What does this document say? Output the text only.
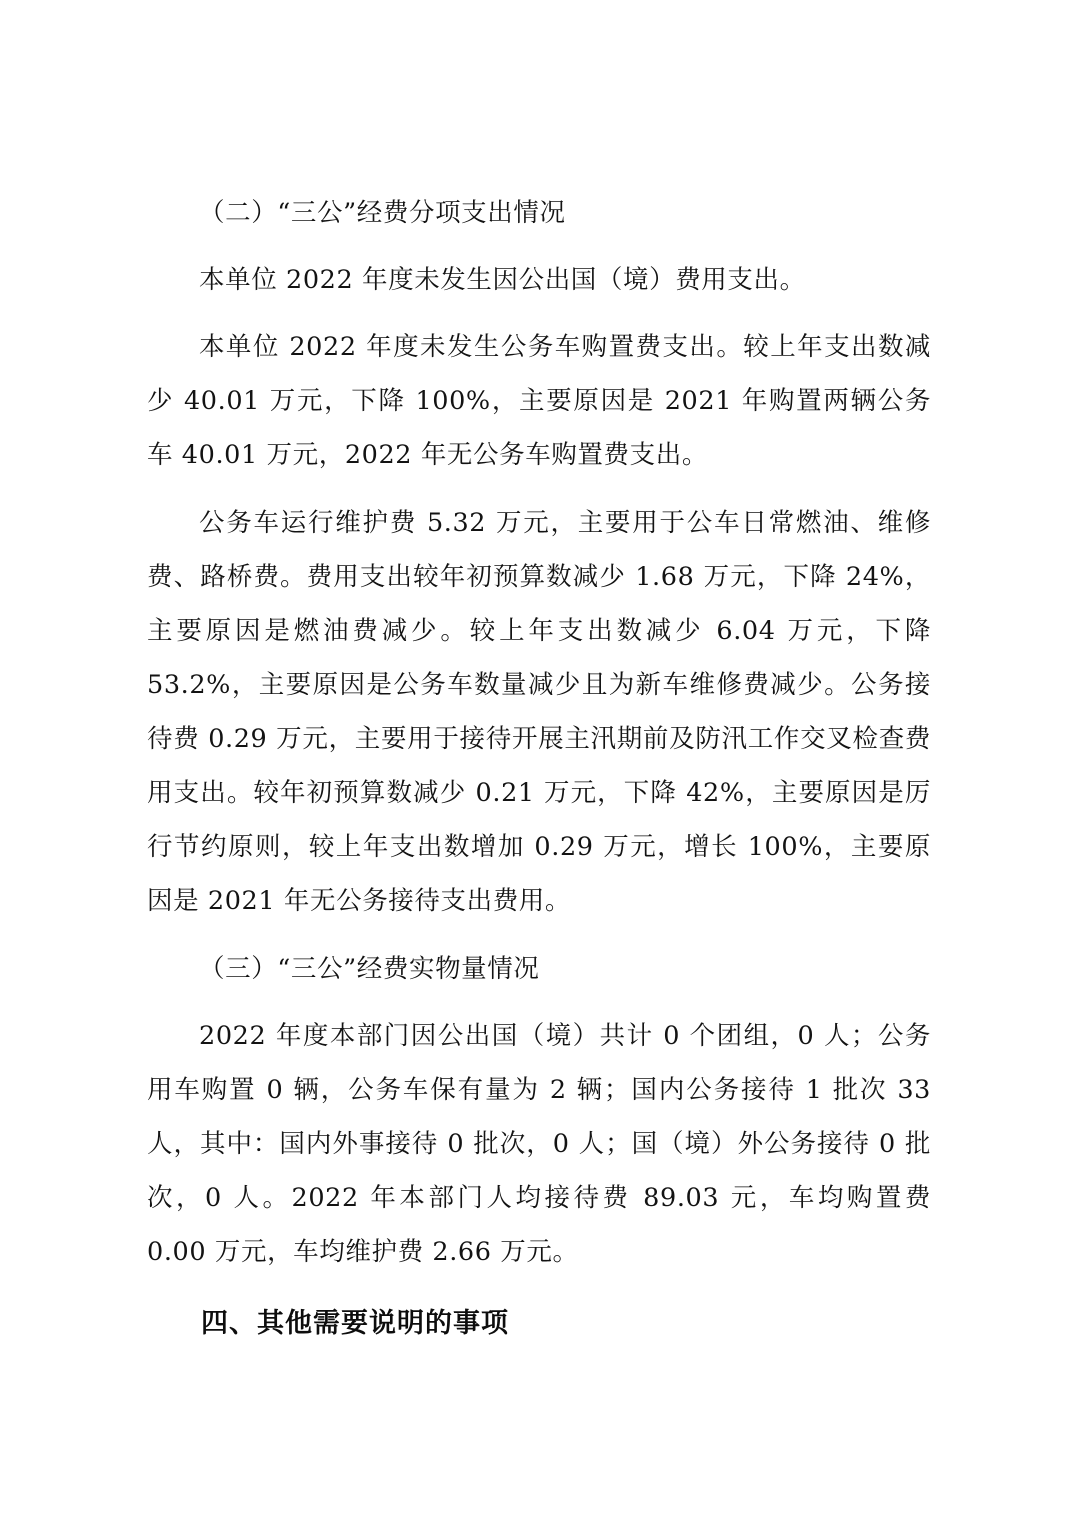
（二）“三公”经费分项支出情况

本单位 2022 年度未发生因公出国（境）费用支出。

本单位 2022 年度未发生公务车购置费支出。较上年支出数减少 40.01 万元，下降 100%，主要原因是 2021 年购置两辆公务车 40.01 万元，2022 年无公务车购置费支出。

公务车运行维护费 5.32 万元，主要用于公车日常燃油、维修费、路桥费。费用支出较年初预算数减少 1.68 万元，下降 24%，主要原因是燃油费减少。较上年支出数减少 6.04 万元，下降 53.2%，主要原因是公务车数量减少且为新车维修费减少。公务接待费 0.29 万元，主要用于接待开展主汛期前及防汛工作交叉检查费用支出。较年初预算数减少 0.21 万元，下降 42%，主要原因是厉行节约原则，较上年支出数增加 0.29 万元，增长 100%，主要原因是 2021 年无公务接待支出费用。

（三）“三公”经费实物量情况

2022 年度本部门因公出国（境）共计 0 个团组，0 人；公务用车购置 0 辆，公务车保有量为 2 辆；国内公务接待 1 批次 33 人，其中：国内外事接待 0 批次，0 人；国（境）外公务接待 0 批次，0 人。2022 年本部门人均接待费 89.03 元，车均购置费 0.00 万元，车均维护费 2.66 万元。

四、其他需要说明的事项
